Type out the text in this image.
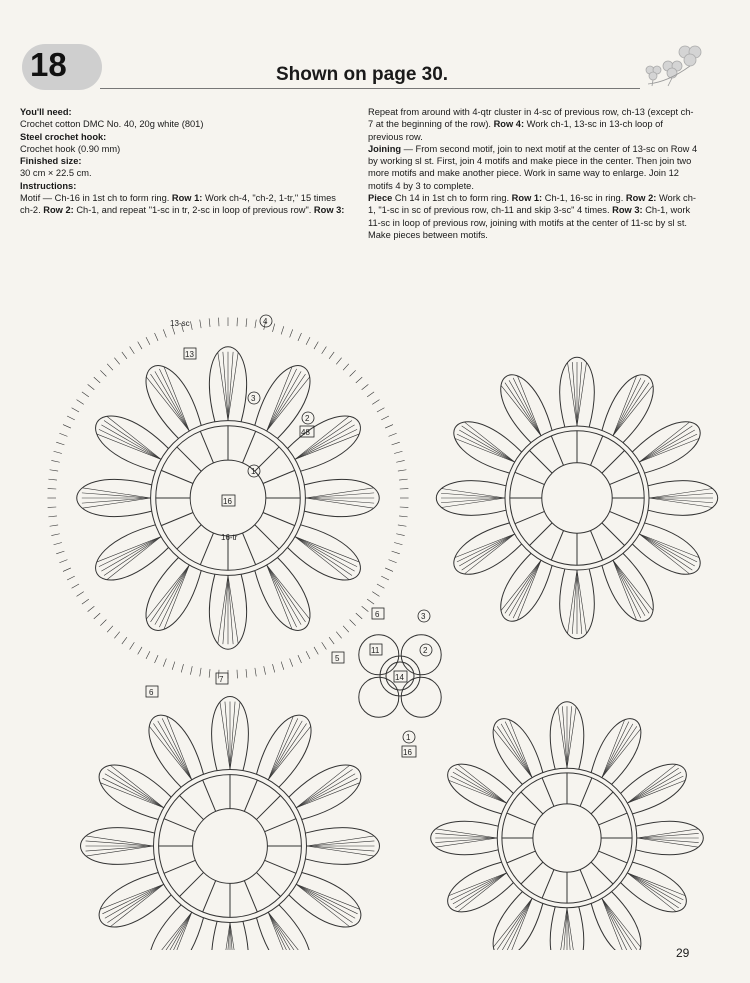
18	Shown on page 30.
You'll need:
Crochet cotton DMC No. 40, 20g white (801)
Steel crochet hook:
Crochet hook (0.90 mm)
Finished size:
30 cm × 22.5 cm.
Instructions:
Motif — Ch-16 in 1st ch to form ring. Row 1: Work ch-4, "ch-2, 1-tr," 15 times ch-2. Row 2: Ch-1, and repeat "1-sc in tr, 2-sc in loop of previous row". Row 3:
Repeat from around with 4-qtr cluster in 4-sc of previous row, ch-13 (except ch-7 at the beginning of the row). Row 4: Work ch-1, 13-sc in 13-ch loop of previous row.
Joining — From second motif, join to next motif at the center of 13-sc on Row 4 by working sl st. First, join 4 motifs and make piece in the center. Then join two more motifs and make another piece. Work in same way to enlarge. Join 12 motifs 4 by 3 to complete.
Piece Ch 14 in 1st ch to form ring. Row 1: Ch-1, 16-sc in ring. Row 2: Work ch-1, "1-sc in sc of previous row, ch-11 and skip 3-sc" 4 times. Row 3: Ch-1, work 11-sc in loop of previous row, joining with motifs at the center of 11-sc by sl st. Make pieces between motifs.
13-sc	4
13
3
2
48
1
16
16-tr
6	3
11	2
5
14
1
16
6
7
29
